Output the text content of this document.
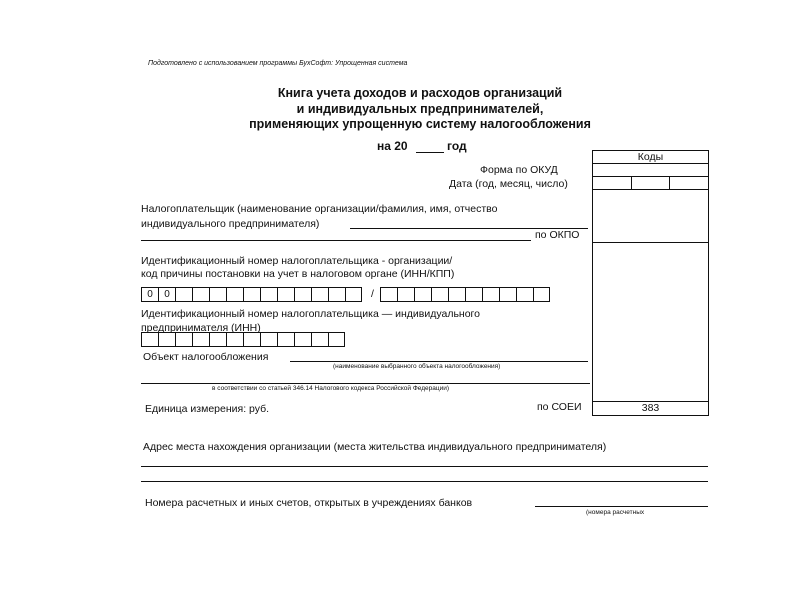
Подготовлено с использованием программы БухСофт: Упрощенная система
Книга учета доходов и расходов организаций
и индивидуальных предпринимателей,
применяющих упрощенную систему налогообложения
на 20	год
Коды
Форма по ОКУД
Дата (год, месяц, число)
Налогоплательщик (наименование организации/фамилия, имя, отчество
индивидуального предпринимателя)
по ОКПО
Идентификационный номер налогоплательщика - организации/
код причины постановки на учет в налоговом органе (ИНН/КПП)
0	0	/
Идентификационный номер налогоплательщика — индивидуального
предпринимателя (ИНН)
Объект налогообложения
(наименование выбранного объекта налогообложения)
в соответствии со статьей 346.14 Налогового кодекса Российской Федерации)
Единица измерения: руб.	по СОЕИ	383
Адрес места нахождения организации (места жительства индивидуального предпринимателя)
Номера расчетных и иных счетов, открытых в учреждениях банков
(номера расчетных
